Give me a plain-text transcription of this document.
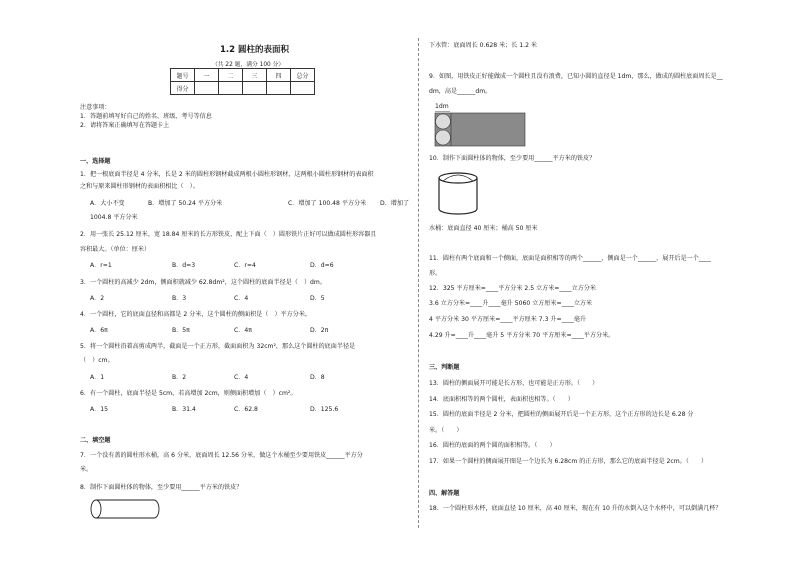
1.2 圆柱的表面积
（共 22 题，满分 100 分）
题号	一	二	三	四	总分
得分					
注意事项：
1．答题前填写好自己的姓名、班级、考号等信息
2．请将答案正确填写在答题卡上
一、选择题
1．把一根底面半径是 4 分米，长是 2 米的圆柱形钢材截成两根小圆柱形钢材，这两根小圆柱形钢材的表面积
之和与原来圆柱形钢材的表面积相比（　）。
A．大小不变	B．增加了 50.24 平方分米	C．增加了 100.48 平方分米 D．增加了
1004.8 平方分米
2．用一张长 25.12 厘米，宽 18.84 厘米的长方形铁皮，配上下面（　）圆形铁片正好可以做成圆柱形容器且
容积最大。（单位：厘米）
A．r=1	B．d=3	C．r=4	D．d=6
3．一个圆柱的高减少 2dm，侧面积就减少 62.8dm²，这个圆柱的底面半径是（　）dm。
A．2	B．3	C．4	D．5
4．一个圆柱，它的底面直径和高都是 2 分米，这个圆柱的侧面积是（　）平方分米。
A．6π	B．5π	C．4π	D．2π
5．将一个圆柱沿着高剪成两半，截面是一个正方形，截面面积为 32cm²，那么这个圆柱的底面半径是
（　）cm。
A．1	B．2	C．4	D．8
6．有一个圆柱，底面半径是 5cm，若高增加 2cm，则侧面积增加（　）cm²。
A．15	B．31.4	C．62.8	D．125.6
二、填空题
7．一个没有盖的圆柱形水桶，高 6 分米，底面周长 12.56 分米，做这个水桶至少要用铁皮______平方分
米。
8．制作下面圆柱体的物体，至少要用______平方米的铁皮？
下水管：底面周长 0.628 米；长 1.2 米
9．如图，用铁皮正好能做成一个圆柱且没有浪费，已知小圆的直径是 1dm，那么，做成的圆柱底面周长是__
dm，高是______dm。
1dm
10．制作下面圆柱体的物体，至少要用______平方米的铁皮？
水桶：底面直径 40 厘米；桶高 50 厘米
11．圆柱有两个底面和一个侧面，底面是面积相等的两个______，侧面是一个______，展开后是一个____
形。
12．325 平方厘米=____平方分米 2.5 立方米=____立方分米
3.6 立方分米=____升____毫升 5060 立方厘米=____立方米
4 平方分米 30 平方厘米=____平方厘米 7.3 升=____毫升
4.29 升=____升____毫升 5 平方分米 70 平方厘米=____平方分米。
三、判断题
13．圆柱的侧面展开可能是长方形，也可能是正方形。（　　）
14．底面积相等的两个圆柱，表面积也相等。（　　）
15．圆柱的底面半径是 2 分米，把圆柱的侧面展开后是一个正方形，这个正方形的边长是 6.28 分
米。（　　）
16．圆柱的底面的两个圆的面积相等。（　　）
17．如果一个圆柱的侧面展开图是一个边长为 6.28cm 的正方形，那么它的底面半径是 2cm。（　　）
四、解答题
18．一个圆柱形水杯，底面直径 10 厘米，高 40 厘米，现在有 10 升的水倒入这个水杯中，可以倒满几杯？
